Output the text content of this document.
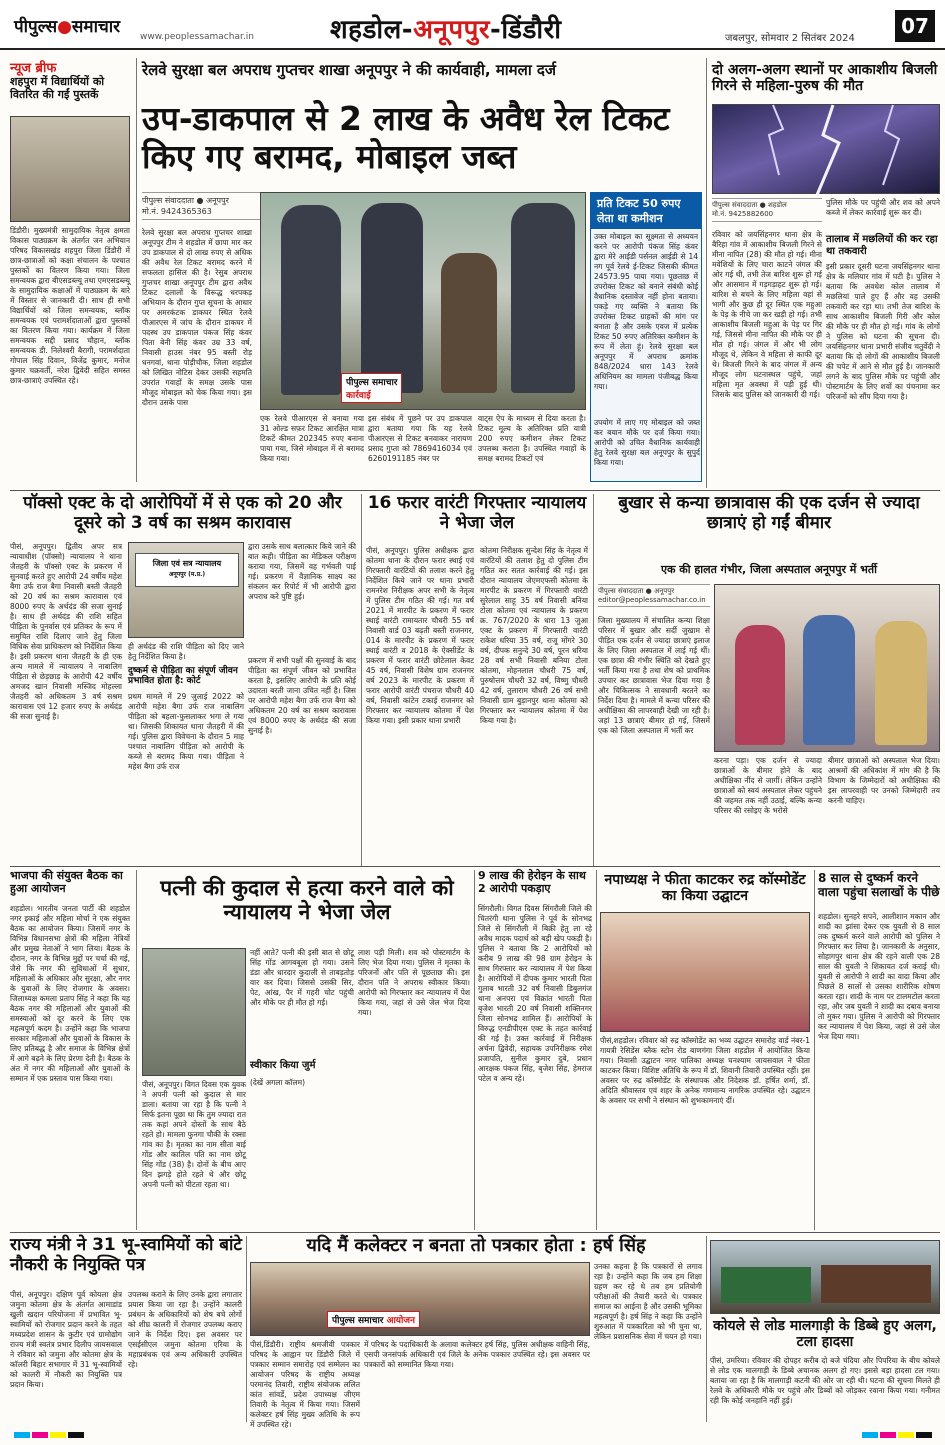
पीपुल्स●समाचार www.peoplessamachar.in	शहडोल-अनूपपुर-डिंडौरी	जबलपुर, सोमवार 2 सितंबर 2024
07
न्यूज ब्रीफ
शहपुरा में विद्यार्थियों को वितरित की गईं पुस्तकें
डिंडौरी। मुख्यमंत्री सामुदायिक नेतृत्व क्षमता विकास पाठ्यक्रम के अंतर्गत जन अभियान परिषद विकासखंड शहपुरा जिला डिंडौरी में छात्र-छात्राओं को कक्षा संचालन के पश्चात पुस्तकों का वितरण किया गया। जिला समन्वयक द्वारा बीएसडब्ल्यू तथा एमएसडब्ल्यू के सामुदायिक कक्षाओं में पाठ्यक्रम के बारे में विस्तार से जानकारी दी। साथ ही सभी विद्यार्थियों को जिला समन्वयक, ब्लॉक समन्वयक एवं परामर्शदाताओं द्वारा पुस्तकों का वितरण किया गया। कार्यक्रम में जिला समन्वयक सद्दी प्रसाद चौहान, ब्लॉक समन्वयक डी. निलेश्वरी बैरागी, परामर्शदाता गोपाल सिंह दिवान, विजेंद्र कुमार, मनोज कुमार चक्रवर्ती, नरेश द्विवेदी सहित समस्त छात्र-छात्राएं उपस्थित रहे।
रेलवे सुरक्षा बल अपराध गुप्तचर शाखा अनूपपुर ने की कार्यवाही, मामला दर्ज
उप-डाकपाल से 2 लाख के अवैध रेल टिकट किए गए बरामद, मोबाइल जब्त
पीपुल्स संवाददाता ● अनूपपुर
मो.नं. 9424365363
रेलवे सुरक्षा बल अपराध गुप्तचर शाखा अनूपपुर टीम ने शहडोल में छापा मार कर उप डाकपाल से दो लाख रुपए से अधिक की अवैध रेल टिकट बरामद करने में सफलता हासिल की है। रेसुब अपराध गुप्तचर शाखा अनूपपुर टीम द्वारा अवैध टिकट दलालों के विरूद्ध धरपकड़ अभियान के दौरान गुप्त सूचना के आधार पर अमरकंटक डाकघर स्थित रेलवे पीआरएस में जांच के दौरान डाकघर में पदस्थ उप डाकपाल पंकज सिंह कंवर पिता बेनी सिंह कंवर उम्र 33 वर्ष, निवासी हाउस नंबर 95 बस्ती रोड़ धनगवां, थाना पोड़ीचौक, जिला शहडोल को लिखित नोटिस देकर उसकी सहमति उपरांत गवाहों के समक्ष उसके पास मौजूद मोबाइल को चेक किया गया। इस दौरान उसके पास
पीपुल्स समाचार
कार्रवाई
प्रति टिकट 50 रुपए लेता था कमीशन
उक्त मोबाइल का सूक्ष्मता से अध्ययन करने पर आरोपी पंकज सिंह कंवर द्वारा मेरे आईडी पर्सनल आईडी से 14 नग पूर्व रेलवे ई-टिकट जिसकी कीमत 24573.95 पाया गया। पूछताछ में उपरोक्त टिकट को बनाने संबंधी कोई वैधानिक दस्तावेज नहीं होना बताया। पकड़े गए व्यक्ति ने बताया कि उपरोक्त टिकट ग्राहकों की मांग पर बनाता है और उसके एवज में प्रत्येक टिकट 50 रुपए अतिरिक्त कमीशन के रूप में लेता हूं। रेलवे सुरक्षा बल अनूपपुर में अपराध क्रमांक 848/2024 धारा 143 रेलवे अधिनियम का मामला पंजीबद्ध किया गया।
एक रेलवे पीआरएस से बनाया गया 31 ओल्ड सफ़र टिकट आरक्षित मात्रा टिकटें कीमत 202345 रुपए बनाना पाया गया, जिसे मोबाइल में से बरामद किया गया।
इस संबंध में पूछने पर उप डाकपाल द्वारा बताया गया कि यह रेलवे पीआरएस से टिकट बनवाकर नारायण प्रसाद गुप्ता को 7869416034 एवं 6260191185 नंबर पर
वाट्स ऐप के माध्यम से दिया करता है। टिकट मूल्य के अतिरिक्त प्रति यात्री 200 रुपए कमीशन लेकर टिकट उपलब्ध कराता है। उपस्थित गवाहों के समक्ष बरामद टिकटों एवं
उपयोग में लाए गए मोबाइल को जब्त कर बयान मौके पर दर्ज किया गया। आरोपी को उचित वैधानिक कार्यवाही हेतु रेलवे सुरक्षा बल अनूपपुर के सुपुर्द किया गया।
दो अलग-अलग स्थानों पर आकाशीय बिजली गिरने से महिला-पुरुष की मौत
पीपुल्स संवाददाता ● शहडोल
मो.नं. 9425882600
रविवार को जयसिंहनगर थाना क्षेत्र के बैरिहा गांव में आकाशीय बिजली गिरने से मीना नापित (28) की मौत हो गई। मीना मवेशियों के लिए चारा काटने जंगल की ओर गई थी, तभी तेज बारिश शुरू हो गई और आसमान में गड़गड़ाहट शुरू हो गई। बारिश से बचने के लिए महिला वहां से भागी और कुछ ही दूर स्थित एक महुआ के पेड़ के नीचे जा कर खड़ी हो गई। तभी आकाशीय बिजली महुआ के पेड़ पर गिर गई, जिससे मीना नापित की मौके पर ही मौत हो गई। जंगल में और भी लोग मौजूद थे, लेकिन वे महिला से काफी दूर थे। बिजली गिरने के बाद जंगल में अन्य मौजूद लोग घटनास्थल पहुंचे, जहां महिला मृत अवस्था में पड़ी हुई थी। जिसके बाद पुलिस को जानकारी दी गई।
पुलिस मौके पर पहुंची और शव को अपने कब्जे में लेकर कार्रवाई शुरू कर दी।
तालाब में मछलियों की कर रहा था तकवारी
इसी प्रकार दूसरी घटना जयसिंहनगर थाना क्षेत्र के मलियार गांव में घटी है। पुलिस ने बताया कि अवधेश कोल तालाब में मछलियां पाले हुए हैं और वह उसकी तकवारी कर रहा था। तभी तेज बारिश के साथ आकाशीय बिजली गिरी और कोल की मौके पर ही मौत हो गई। गांव के लोगों ने पुलिस को घटना की सूचना दी। जयसिंहनगर थाना प्रभारी संजीव चतुर्वेदी ने बताया कि दो लोगों की आकाशीय बिजली की चपेट में आने से मौत हुई है। जानकारी लगने के बाद पुलिस मौके पर पहुंची और पोस्टमार्टम के लिए शवों का पंचनामा कर परिजनों को सौंप दिया गया है।
पॉक्सो एक्ट के दो आरोपियों में से एक को 20 और दूसरे को 3 वर्ष का सश्रम कारावास
पीसं, अनूपपुर। द्वितीय अपर सत्र न्यायाधीश (पॉक्सो) न्यायालय ने थाना जैतहरी के पॉक्सो एक्ट के प्रकरण में सुनवाई करते हुए आरोपी 24 वर्षीय महेश बैगा उर्फ राज बैगा निवासी बस्ती जैतहरी को 20 वर्ष का सश्रम कारावास एवं 8000 रुपए के अर्थदंड की सजा सुनाई है। साथ ही अर्थदंड की राशि सहित पीड़िता के पुनर्वास एवं प्रतिकर के रूप में समुचित राशि दिलाए जाने हेतु जिला विधिक सेवा प्राधिकरण को निर्देशित किया है। इसी प्रकरण थाना जैतहरी के ही एक अन्य मामले में न्यायालय ने नाबालिग पीड़िता से छेड़छाड़ के आरोपी 42 वर्षीय अमजद खान निवासी मस्जिद मोहल्ला जैतहरी को अधिकतम 3 वर्ष सश्रम कारावास एवं 12 हजार रुपए के अर्थदंड की सजा सुनाई है।
जिला एवं सत्र न्यायालय
अनूपपुर (म.प्र.)
ही अर्थदंड की राशि पीड़िता को दिए जाने हेतु निर्देशित किया है।
दुष्कर्म से पीड़िता का संपूर्ण जीवन प्रभावित होता है: कोर्ट
प्रथम मामले में 29 जुलाई 2022 को आरोपी महेश बैगा उर्फ राज नाबालिग पीड़िता को बहला-फुसलाकर भगा ले गया था। जिसकी शिकायत थाना जैतहरी में की गई। पुलिस द्वारा विवेचना के दौरान 5 माह पश्चात नाबालिग पीड़िता को आरोपी के कब्जे से बरामद किया गया। पीड़िता ने महेश बैगा उर्फ राज
द्वारा उसके साथ बलात्कार किये जाने की बात कही। पीड़िता का मेडिकल परीक्षण कराया गया, जिसमें वह गर्भवती पाई गई। प्रकरण में वैज्ञानिक साक्ष्य का संकलन कर रिपोर्ट में भी आरोपी द्वारा अपराध करे पुष्टि हुई।
प्रकरण में सभी पक्षों की सुनवाई के बाद पीड़िता का संपूर्ण जीवन को प्रभावित करता है, इसलिए आरोपी के प्रति कोई उदारता बरती जाना उचित नहीं है। जिस पर आरोपी महेश बैगा उर्फ राज बैगा को अधिकतम 20 वर्ष का सश्रम कारावास एवं 8000 रुपए के अर्थदंड की सजा सुनाई है।
16 फरार वारंटी गिरफ्तार न्यायालय ने भेजा जेल
पीसं, अनूपपुर। पुलिस अधीक्षक द्वारा कोतमा थाना के दौरान फरार स्थाई एवं गिरफ्तारी वारंटियों की तलाश करने हेतु निर्देशित किये जाने पर थाना प्रभारी रामनरेश निरीक्षक अपर सभी के नेतृत्व में पुलिस टीम गठित की गई। गत वर्ष 2021 में मारपीट के प्रकरण में फरार स्थाई वारंटी रामायतार चौधरी 55 वर्ष निवासी वार्ड 03 बढ़ती बस्ती राजनगर, 014 के मारपीट के प्रकरण में फरार स्थाई वारंटी व 2018 के ऐक्सीडेंट के प्रकरण में फरार वारंटी छोटेलाल केवट 45 वर्ष, निवासी विशेष ग्राम राजनगर वर्ष 2023 के मारपीट के प्रकरण में फरार आरोपी वारंटी पंचराज चौधरी 40 वर्ष, निवासी कांटेन टकाई राजनगर को गिरफ्तार कर न्यायालय कोतमा में पेश किया गया। इसी प्रकार थाना प्रभारी
कोतमा निरीक्षक सुन्देश सिंह के नेतृत्व में वारंटियों की तलाश हेतु दो पुलिस टीम गठित कर सतत कार्रवाई की गई। इस दौरान न्यायालय जेएमएफसी कोतमा के मारपीट के प्रकरण में गिरफ्तारी वारंटी सुरेलाल साहू 35 वर्ष निवासी बनिया टोला कोतमा एवं न्यायालय के प्रकरण क्र. 767/2020 के धारा 13 जुआ एक्ट के प्रकरण में गिरफ्तारी वारंटी राकेश धरिया 35 वर्ष, राजू मोंगरे 30 वर्ष, दीपक सनुन्दे 30 वर्ष, पूरन धरिया 28 वर्ष सभी निवासी बनिया टोला कोतमा, मोहनलाल चौधरी 75 वर्ष, पुरुषोत्तम चौधरी 32 वर्ष, विष्णु चौधरी 42 वर्ष, तुलाराम चौधरी 26 वर्ष सभी निवासी ग्राम बुड़ानपुर थाना कोतमा को गिरफ्तार कर न्यायालय कोतमा में पेश किया गया है।
बुखार से कन्या छात्रावास की एक दर्जन से ज्यादा छात्राएं हो गईं बीमार
एक की हालत गंभीर, जिला अस्पताल अनूपपुर में भर्ती
पीपुल्स संवाददाता ● अनूपपुर
editor@peoplessamachar.co.in
जिला मुख्यालय में संचालित कन्या शिक्षा परिसर में बुखार और सर्दी जुखाम से पीड़ित एक दर्जन से ज्यादा छात्राएं इलाज के लिए जिला अस्पताल में लाई गई थीं। एक छात्रा की गंभीर स्थिति को देखते हुए भर्ती किया गया है तथा शेष को प्राथमिक उपचार कर छात्रावास भेज दिया गया है और चिकित्सक ने सावधानी बरतने का निर्देश दिया है। मामले में कन्या परिसर की अधीक्षिका की लापरवाही देखी जा रही है। जहां 13 छात्राएं बीमार हो गई, जिसमें एक को जिला अस्पताल में भर्ती कर
करना पड़ा। एक दर्जन से ज्यादा छात्राओं के बीमार होने के बाद अधीक्षिका नींद से जागीं। लेकिन उन्होंने छात्राओं को स्वयं अस्पताल लेकर पहुंचने की जहमत तक नहीं उठाई, बल्कि कन्या परिसर की रसोइए के भरोसे
बीमार छात्राओं को अस्पताल भेज दिया। आश्रमों की अधिकांश में मांग की है कि विभाग के जिम्मेदारों को अधीक्षिका की इस लापरवाही पर उनको जिम्मेदारी तय करनी चाहिए।
भाजपा की संयुक्त बैठक का हुआ आयोजन
शहडोल। भारतीय जनता पार्टी की शहडोल नगर इकाई और महिला मोर्चा ने एक संयुक्त बैठक का आयोजन किया। जिसमें नगर के विभिन्न विधानसभा क्षेत्रों की महिला नेत्रियों और प्रमुख नेताओं ने भाग लिया। बैठक के दौरान, नगर के विभिन्न मुद्दों पर चर्चा की गई, जैसे कि नगर की सुविधाओं में सुधार, महिलाओं के अधिकार और सुरक्षा, और नगर के युवाओं के लिए रोजगार के अवसर। जिलाध्यक्ष कमला प्रताप सिंह ने कहा कि यह बैठक नगर की महिलाओं और युवाओं की समस्याओं को दूर करने के लिए एक महत्वपूर्ण कदम है। उन्होंने कहा कि भाजपा सरकार महिलाओं और युवाओं के विकास के लिए प्रतिबद्ध है और समाज के विभिन्न क्षेत्रों में आगे बढ़ने के लिए प्रेरणा देती है। बैठक के अंत में नगर की महिलाओं और युवाओं के सम्मान में एक प्रस्ताव पास किया गया।
पत्नी की कुदाल से हत्या करने वाले को न्यायालय ने भेजा जेल
पीसं, अनूपपुर। विगत दिवस एक युवक ने अपनी पत्नी को कुदाल से मार डाला। बताया जा रहा है कि पत्नी ने सिर्फ इतना पूछा था कि तुम ज्यादा रात तक कहां अपने दोस्तों के साथ बैठे रहते हो। मामला फुनगा चौकी के रक्सा गांव का है। मृतका का नाम सीता बाई गोंड और कातिल पति का नाम छोटू सिंह गोंड (38) है। दोनों के बीच आए दिन झगड़े होते रहते थे और छोटू अपनी पत्नी को पीटता रहता था।
नहीं आते? पत्नी की इसी बात से छोटू सिंह गोंड आगबबूला हो गया। उसने डंडा और धारदार कुदाली से ताबड़तोड़ वार कर दिया। जिससे उसकी सिर, पेट, आंख, पैर में गहरी चोट पहुंची और मौके पर ही मौत हो गई।
स्वीकार किया जुर्म
(देखें अगला कॉलम)
लाश पड़ी मिली। शव को पोस्टमार्टम के लिए भेज दिया गया। पुलिस ने मृतका के परिजनों और पति से पूछताछ की। इस दौरान पति ने अपराध स्वीकार किया। आरोपी को गिरफ्तार कर न्यायालय में पेश किया गया, जहां से उसे जेल भेज दिया गया।
9 लाख की हेरोइन के साथ 2 आरोपी पकड़ाए
सिंगरौली। विगत दिवस सिंगरौली जिले की चितरंगी थाना पुलिस ने पूर्व के सोनभद्र जिले से सिंगरौली में बिक्री हेतु ला रहे अवैध मादक पदार्थ को बड़ी खेप पकड़ी है। पुलिस ने बताया कि 2 आरोपियों को करीब 9 लाख की 98 ग्राम हेरोइन के साथ गिरफ्तार कर न्यायालय में पेश किया है। आरोपियों में दीपक कुमार भारती पिता गुलाब भारती 32 वर्ष निवासी डिबुलगंज थाना अनपरा एवं विक्रांत भारती पिता बृजेश भारती 20 वर्ष निवासी शक्तिनगर जिला सोनभद्र शामिल हैं। आरोपियों के विरुद्ध एनडीपीएस एक्ट के तहत कार्रवाई की गई है। उक्त कार्रवाई में निरीक्षक अर्चना द्विवेदी, सहायक उपनिरीक्षक रमेश प्रजापति, सुनील कुमार दुबे, प्रधान आरक्षक पंकज सिंह, बृजेश सिंह, हेमराज पटेल व अन्य रहे।
नपाध्यक्ष ने फीता काटकर रुद्र कॉस्मोडेंट का किया उद्घाटन
पीसं,शहडोल। रविवार को रुद्र कॉस्मोडेंट का भव्य उद्घाटन समारोह वार्ड नंबर-1 गायत्री रेसिडेंस ब्लैक स्टोन रोड बाणगंगा जिला शहडोल में आयोजित किया गया। निवासी उद्घाटन नगर पालिका अध्यक्ष घनश्याम जायसवाल ने फीता काटकर किया। विशिष्ट अतिथि के रूप में डॉ. शिवानी तिवारी उपस्थित रहीं। इस अवसर पर रुद्र कॉस्मोडेंट के संस्थापक और निदेशक डॉ. हर्षित शर्मा, डॉ. अदिति श्रीवास्तव एवं शहर के अनेक गणमान्य नागरिक उपस्थित रहे। उद्घाटन के अवसर पर सभी ने संस्थान को शुभकामनाएं दीं।
8 साल से दुष्कर्म करने वाला पहुंचा सलाखों के पीछे
शहडोल। सुनहरे सपने, आलीशान मकान और शादी का झांसा देकर एक युवती से 8 साल तक दुष्कर्म करने वाले आरोपी को पुलिस ने गिरफ्तार कर लिया है। जानकारी के अनुसार, सोहागपुर थाना क्षेत्र की रहने वाली एक 28 साल की युवती ने शिकायत दर्ज कराई थी। युवती से आरोपी ने शादी का वादा किया और पिछले 8 सालों से उसका शारीरिक शोषण करता रहा। शादी के नाम पर टालमटोल करता रहा, और जब युवती ने शादी का दबाव बनाया तो मुकर गया। पुलिस ने आरोपी को गिरफ्तार कर न्यायालय में पेश किया, जहां से उसे जेल भेज दिया गया।
राज्य मंत्री ने 31 भू-स्वामियों को बांटे नौकरी के नियुक्ति पत्र
पीसं, अनूपपुर। दक्षिण पूर्व कोयला क्षेत्र जमुना कोतमा क्षेत्र के अंतर्गत आमाडांड खुली खदान परियोजना में प्रभावित भू-स्वामियों को रोजगार प्रदान करने के तहत मध्यप्रदेश शासन के कुटीर एवं ग्रामोद्योग राज्य मंत्री स्वतंत्र प्रभार दिलीप जायसवाल ने रविवार को जमुना और कोतमा क्षेत्र के कॉलरी बिहार सभागार में 31 भू-स्वामियों को कालरी में नौकरी का नियुक्ति पत्र प्रदान किया।
उपलब्ध कराने के लिए उनके द्वारा लगातार प्रयास किया जा रहा है। उन्होंने कालरी प्रबंधन के अधिकारियों को शेष बचे लोगों को शीघ्र कालरी में रोजगार उपलब्ध कराए जाने के निर्देश दिए। इस अवसर पर एसईसीएल जमुना कोतमा एरिया के महाप्रबंधक एवं अन्य अधिकारी उपस्थित रहे।
यदि मैं कलेक्टर न बनता तो पत्रकार होता : हर्ष सिंह
पीपुल्स समाचार आयोजन
पीसं,डिंडौरी। राष्ट्रीय श्रमजीवी पत्रकार परिषद के आह्वान पर डिंडौरी जिले में पत्रकार सम्मान समारोह एवं सम्मेलन का आयोजन परिषद के राष्ट्रीय अध्यक्ष परमानंद तिवारी, राष्ट्रीय संयोजक ललित कांत सांवर्डे, प्रदेश उपाध्यक्ष जीएम तिवारी के नेतृत्व में किया गया। जिसमें कलेक्टर हर्ष सिंह मुख्य अतिथि के रूप में उपस्थित रहे।
में परिषद के पदाधिकारी के अलावा कलेक्टर हर्ष सिंह, पुलिस अधीक्षक वाहिनी सिंह, एसपी जनसंपर्क अधिकारी एवं जिले के अनेक पत्रकार उपस्थित रहे। इस अवसर पर पत्रकारों को सम्मानित किया गया।
उनका कहना है कि पत्रकारों से लगाव रहा है। उन्होंने कहा कि जब हम शिक्षा ग्रहण कर रहे थे तब हम प्रतियोगी परीक्षाओं की तैयारी करते थे। पत्रकार समाज का आईना है और उसकी भूमिका महत्वपूर्ण है। हर्ष सिंह ने कहा कि उन्होंने शुरुआत में पत्रकारिता को भी चुना था, लेकिन प्रशासनिक सेवा में चयन हो गया।
कोयले से लोड मालगाड़ी के डिब्बे हुए अलग, टला हादसा
पीसं, उमरिया। रविवार की दोपहर करीब दो बजे चंदिया और पिपरिया के बीच कोयले से लोड एक मालगाड़ी के डिब्बे अचानक अलग हो गए। इससे बड़ा हादसा टल गया। बताया जा रहा है कि मालगाड़ी कटनी की ओर जा रही थी। घटना की सूचना मिलते ही रेलवे के अधिकारी मौके पर पहुंचे और डिब्बों को जोड़कर रवाना किया गया। गनीमत रही कि कोई जनहानि नहीं हुई।
